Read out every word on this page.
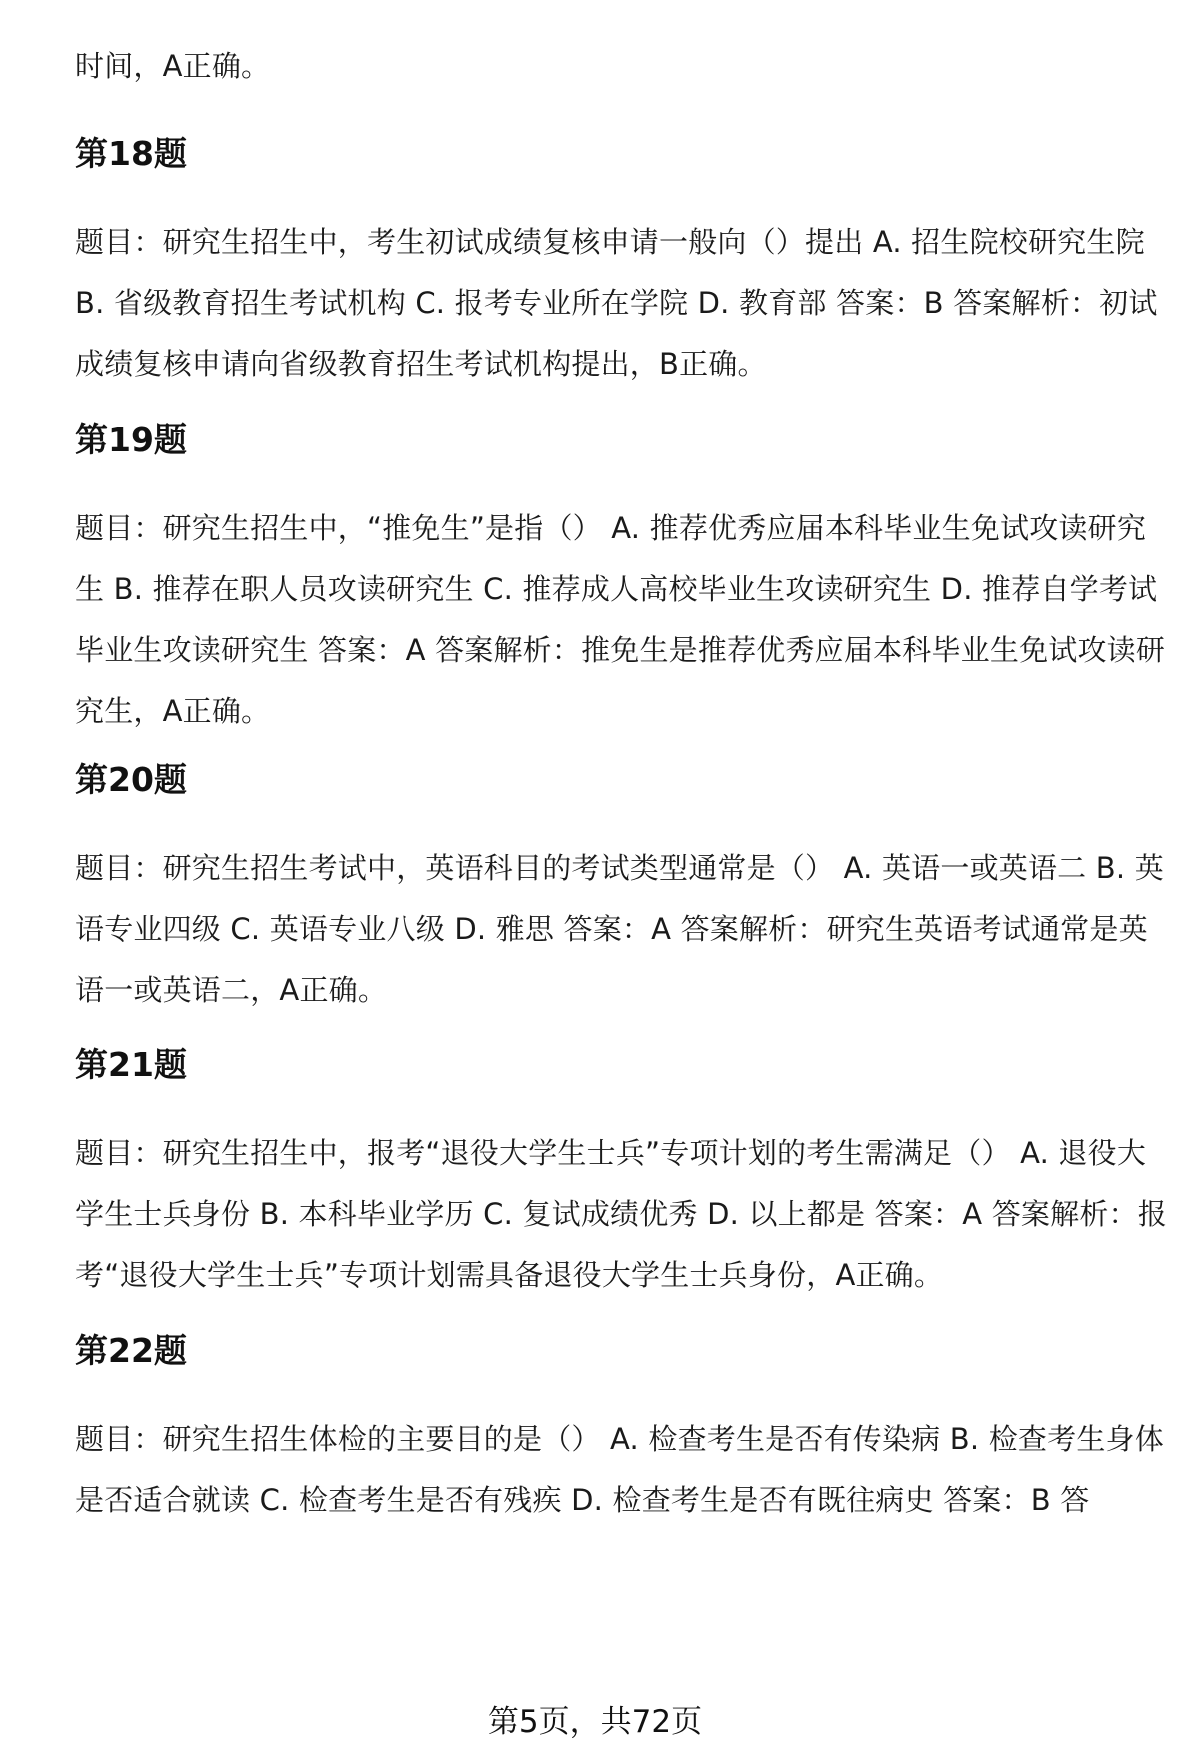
时间，A正确。

第18题

题目：研究生招生中，考生初试成绩复核申请一般向（）提出 A. 招生院校研究生院 B. 省级教育招生考试机构 C. 报考专业所在学院 D. 教育部 答案：B 答案解析：初试成绩复核申请向省级教育招生考试机构提出，B正确。

第19题

题目：研究生招生中，“推免生”是指（） A. 推荐优秀应届本科毕业生免试攻读研究生 B. 推荐在职人员攻读研究生 C. 推荐成人高校毕业生攻读研究生 D. 推荐自学考试毕业生攻读研究生 答案：A 答案解析：推免生是推荐优秀应届本科毕业生免试攻读研究生，A正确。

第20题

题目：研究生招生考试中，英语科目的考试类型通常是（） A. 英语一或英语二 B. 英语专业四级 C. 英语专业八级 D. 雅思 答案：A 答案解析：研究生英语考试通常是英语一或英语二，A正确。

第21题

题目：研究生招生中，报考“退役大学生士兵”专项计划的考生需满足（） A. 退役大学生士兵身份 B. 本科毕业学历 C. 复试成绩优秀 D. 以上都是 答案：A 答案解析：报考“退役大学生士兵”专项计划需具备退役大学生士兵身份，A正确。

第22题

题目：研究生招生体检的主要目的是（） A. 检查考生是否有传染病 B. 检查考生身体是否适合就读 C. 检查考生是否有残疾 D. 检查考生是否有既往病史 答案：B 答

第5页，共72页
